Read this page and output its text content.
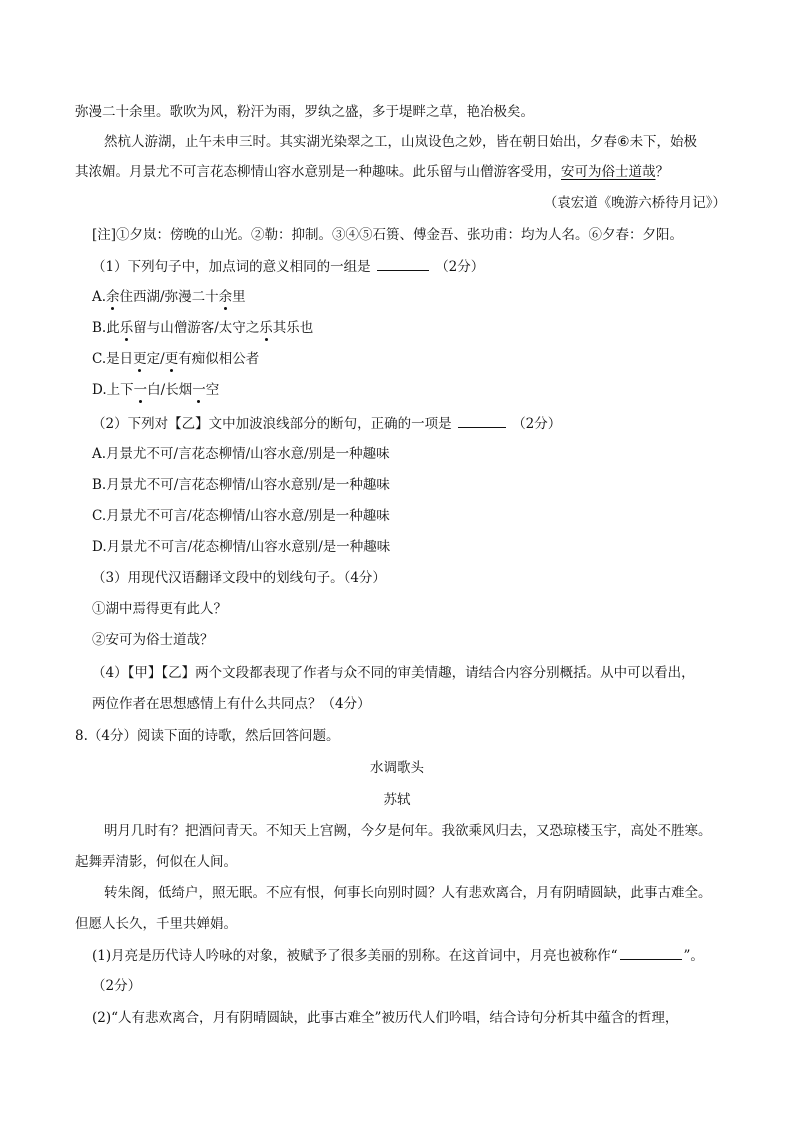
弥漫二十余里。歌吹为风，粉汗为雨，罗纨之盛，多于堤畔之草，艳冶极矣。
然杭人游湖，止午未申三时。其实湖光染翠之工，山岚设色之妙，皆在朝日始出，夕春⑥未下，始极
其浓媚。月景尤不可言花态柳情山容水意别是一种趣味。此乐留与山僧游客受用，安可为俗士道哉？
（袁宏道《晚游六桥待月记》）
[注]①夕岚：傍晚的山光。②勒：抑制。③④⑤石篑、傅金吾、张功甫：均为人名。⑥夕春：夕阳。
（1）下列句子中，加点词的意义相同的一组是	（2分）
A.余住西湖/弥漫二十余里
B.此乐留与山僧游客/太守之乐其乐也
C.是日更定/更有痴似相公者
D.上下一白/长烟一空
（2）下列对【乙】文中加波浪线部分的断句，正确的一项是	（2分）
A.月景尤不可/言花态柳情/山容水意/别是一种趣味
B.月景尤不可/言花态柳情/山容水意别/是一种趣味
C.月景尤不可言/花态柳情/山容水意/别是一种趣味
D.月景尤不可言/花态柳情/山容水意别/是一种趣味
（3）用现代汉语翻译文段中的划线句子。（4分）
①湖中焉得更有此人？
②安可为俗士道哉？
（4）【甲】【乙】两个文段都表现了作者与众不同的审美情趣，请结合内容分别概括。从中可以看出，
两位作者在思想感情上有什么共同点？（4分）
8.（4分）阅读下面的诗歌，然后回答问题。
水调歌头
苏轼
明月几时有？把酒问青天。不知天上宫阙，今夕是何年。我欲乘风归去，又恐琼楼玉宇，高处不胜寒。
起舞弄清影，何似在人间。
转朱阁，低绮户，照无眠。不应有恨，何事长向别时圆？人有悲欢离合，月有阴晴圆缺，此事古难全。
但愿人长久，千里共婵娟。
(1)月亮是历代诗人吟咏的对象，被赋予了很多美丽的别称。在这首词中，月亮也被称作“	”。
（2分）
(2)“人有悲欢离合，月有阴晴圆缺，此事古难全”被历代人们吟唱，结合诗句分析其中蕴含的哲理，
